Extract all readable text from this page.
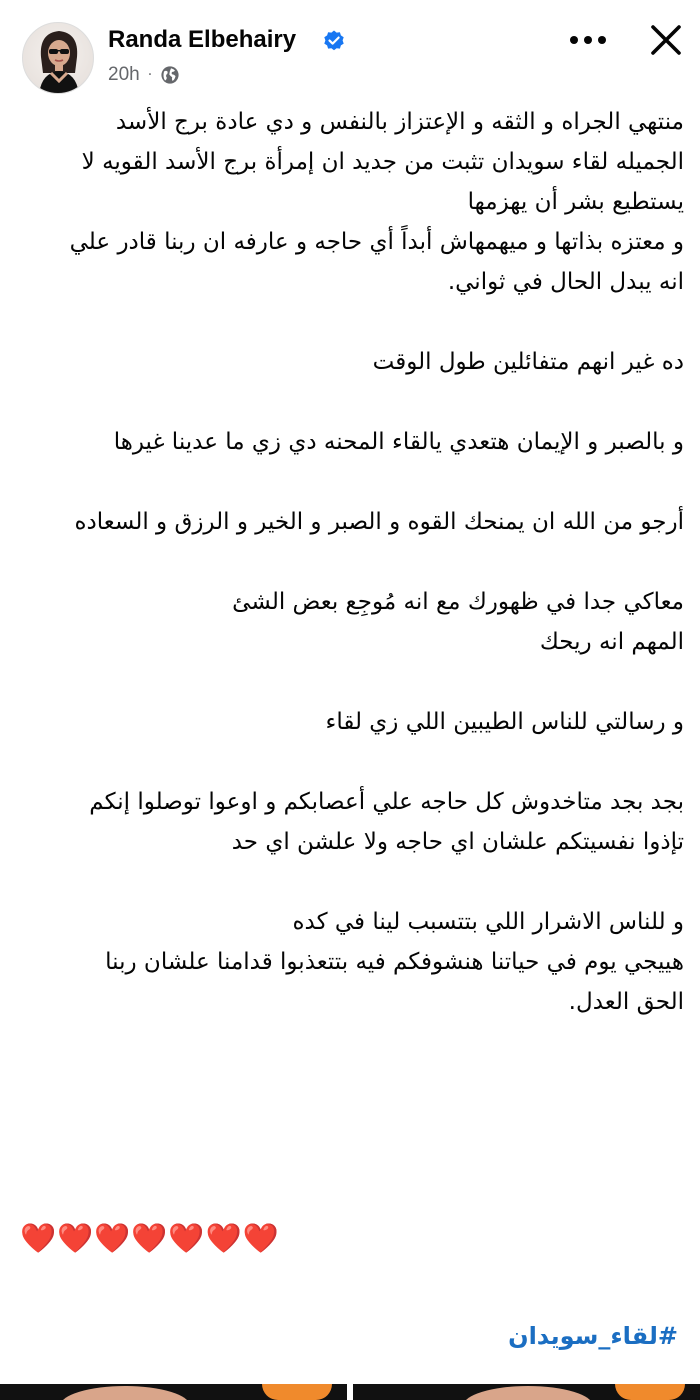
Randa Elbehairy
20h ·
منتهي الجراه و الثقه و الإعتزاز بالنفس و دي عادة برج الأسد
الجميله لقاء سويدان تثبت من جديد ان إمرأة برج الأسد القويه لا
يستطيع بشر أن يهزمها
و معتزه بذاتها و ميهمهاش أبداً أي حاجه و عارفه ان ربنا قادر علي
انه يبدل الحال في ثواني.
ده غير انهم متفائلين طول الوقت
و بالصبر و الإيمان هتعدي يالقاء المحنه دي زي ما عدينا غيرها
أرجو من الله ان يمنحك القوه و الصبر و الخير و الرزق و السعاده
معاكي جدا في ظهورك مع انه مُوجِع بعض الشئ
المهم انه ريحك
و رسالتي للناس الطيبين اللي زي لقاء
بجد بجد متاخدوش كل حاجه علي أعصابكم و اوعوا توصلوا إنكم
تإذوا نفسيتكم علشان اي حاجه ولا علشن اي حد
و للناس الاشرار اللي بتتسبب لينا في كده
هييجي يوم في حياتنا هنشوفكم فيه بتتعذبوا قدامنا علشان ربنا
الحق العدل.
❤️❤️❤️❤️❤️❤️❤️
#لقاء_سويدان
